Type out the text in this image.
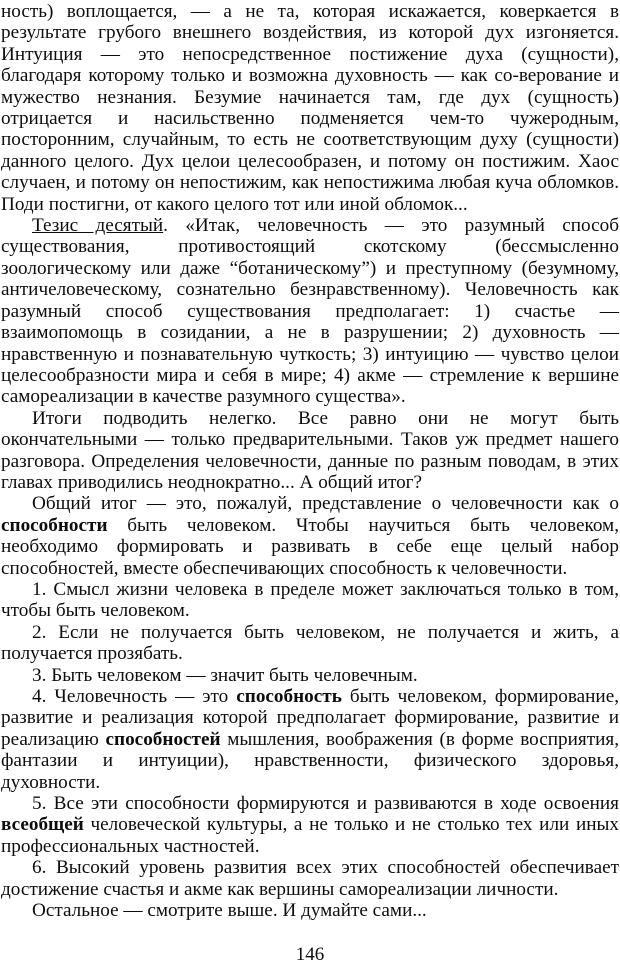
ность) воплощается, — а не та, которая искажается, коверкается в результате грубого внешнего воздействия, из которой дух изгоняется. Интуиция — это непосредственное постижение духа (сущности), благодаря которому только и возможна духовность — как со-верование и мужество незнания. Безумие начинается там, где дух (сущность) отрицается и насильственно подменяется чем-то чужеродным, посторонним, случайным, то есть не соответствующим духу (сущности) данного целого. Дух целои целесообразен, и потому он постижим. Хаос случаен, и потому он непостижим, как непостижима любая куча обломков. Поди постигни, от какого целого тот или иной обломок...

Тезис десятый. «Итак, человечность — это разумный способ существования, противостоящий скотскому (бессмысленно зоологическому или даже “ботаническому”) и преступному (безумному, античеловеческому, сознательно безнравственному). Человечность как разумный способ существования предполагает: 1) счастье — взаимопомощь в созидании, а не в разрушении; 2) духовность — нравственную и познавательную чуткость; 3) интуицию — чувство целои целесообразности мира и себя в мире; 4) акме — стремление к вершине самореализации в качестве разумного существа».

Итоги подводить нелегко. Все равно они не могут быть окончательными — только предварительными. Таков уж предмет нашего разговора. Определения человечности, данные по разным поводам, в этих главах приводились неоднократно... А общий итог?

Общий итог — это, пожалуй, представление о человечности как о способности быть человеком. Чтобы научиться быть человеком, необходимо формировать и развивать в себе еще целый набор способностей, вместе обеспечивающих способность к человечности.

1. Смысл жизни человека в пределе может заключаться только в том, чтобы быть человеком.

2. Если не получается быть человеком, не получается и жить, а получается прозябать.

3. Быть человеком — значит быть человечным.

4. Человечность — это способность быть человеком, формирование, развитие и реализация которой предполагает формирование, развитие и реализацию способностей мышления, воображения (в форме восприятия, фантазии и интуиции), нравственности, физического здоровья, духовности.

5. Все эти способности формируются и развиваются в ходе освоения всеобщей человеческой культуры, а не только и не столько тех или иных профессиональных частностей.

6. Высокий уровень развития всех этих способностей обеспечивает достижение счастья и акме как вершины самореализации личности.

Остальное — смотрите выше. И думайте сами...

146
